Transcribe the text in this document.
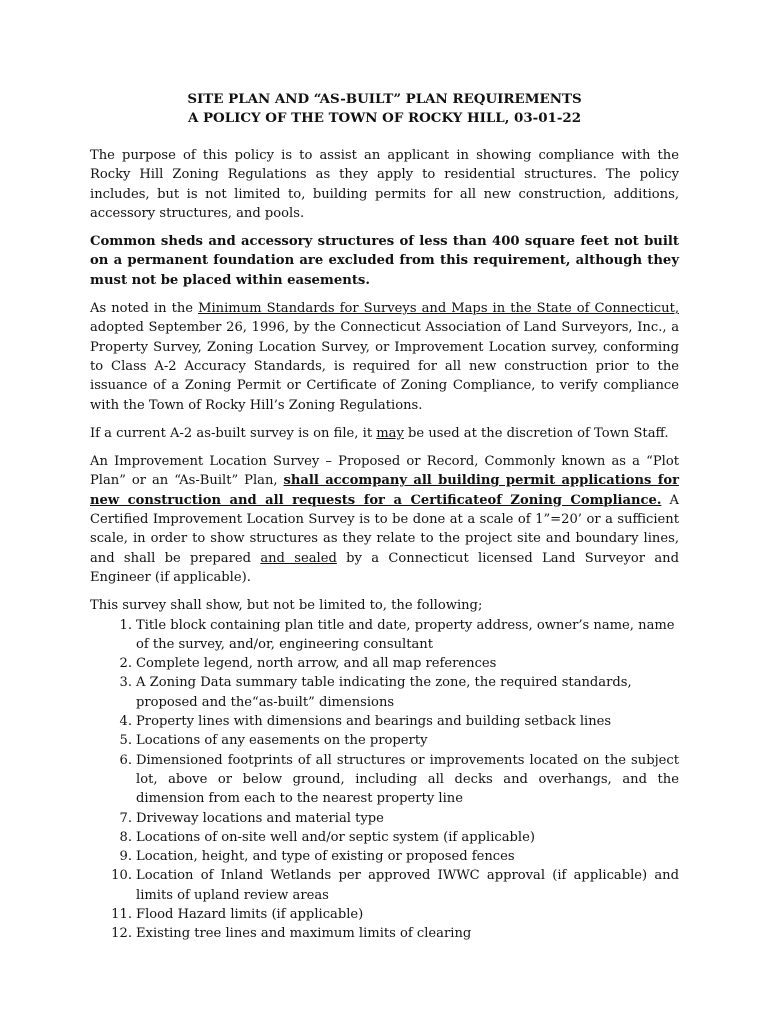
SITE PLAN AND “AS-BUILT” PLAN REQUIREMENTS

A POLICY OF THE TOWN OF ROCKY HILL, 03-01-22

The purpose of this policy is to assist an applicant in showing compliance with the Rocky Hill Zoning Regulations as they apply to residential structures. The policy includes, but is not limited to, building permits for all new construction, additions, accessory structures, and pools.

Common sheds and accessory structures of less than 400 square feet not built on a permanent foundation are excluded from this requirement, although they must not be placed within easements.

As noted in the Minimum Standards for Surveys and Maps in the State of Connecticut, adopted September 26, 1996, by the Connecticut Association of Land Surveyors, Inc., a Property Survey, Zoning Location Survey, or Improvement Location survey, conforming to Class A-2 Accuracy Standards, is required for all new construction prior to the issuance of a Zoning Permit or Certificate of Zoning Compliance, to verify compliance with the Town of Rocky Hill’s Zoning Regulations.

If a current A-2 as-built survey is on file, it may be used at the discretion of Town Staff.

An Improvement Location Survey – Proposed or Record, Commonly known as a “Plot Plan” or an “As-Built” Plan, shall accompany all building permit applications for new construction and all requests for a Certificateof Zoning Compliance. A Certified Improvement Location Survey is to be done at a scale of 1”=20’ or a sufficient scale, in order to show structures as they relate to the project site and boundary lines, and shall be prepared and sealed by a Connecticut licensed Land Surveyor and Engineer (if applicable).

This survey shall show, but not be limited to, the following;

1. Title block containing plan title and date, property address, owner’s name, name of the survey, and/or, engineering consultant
2. Complete legend, north arrow, and all map references
3. A Zoning Data summary table indicating the zone, the required standards,
proposed and the“as-built” dimensions
4. Property lines with dimensions and bearings and building setback lines
5. Locations of any easements on the property
6. Dimensioned footprints of all structures or improvements located on the subject lot, above or below ground, including all decks and overhangs, and the dimension from each to the nearest property line
7. Driveway locations and material type
8. Locations of on-site well and/or septic system (if applicable)
9. Location, height, and type of existing or proposed fences
10. Location of Inland Wetlands per approved IWWC approval (if applicable) and limits of upland review areas
11. Flood Hazard limits (if applicable)
12. Existing tree lines and maximum limits of clearing
